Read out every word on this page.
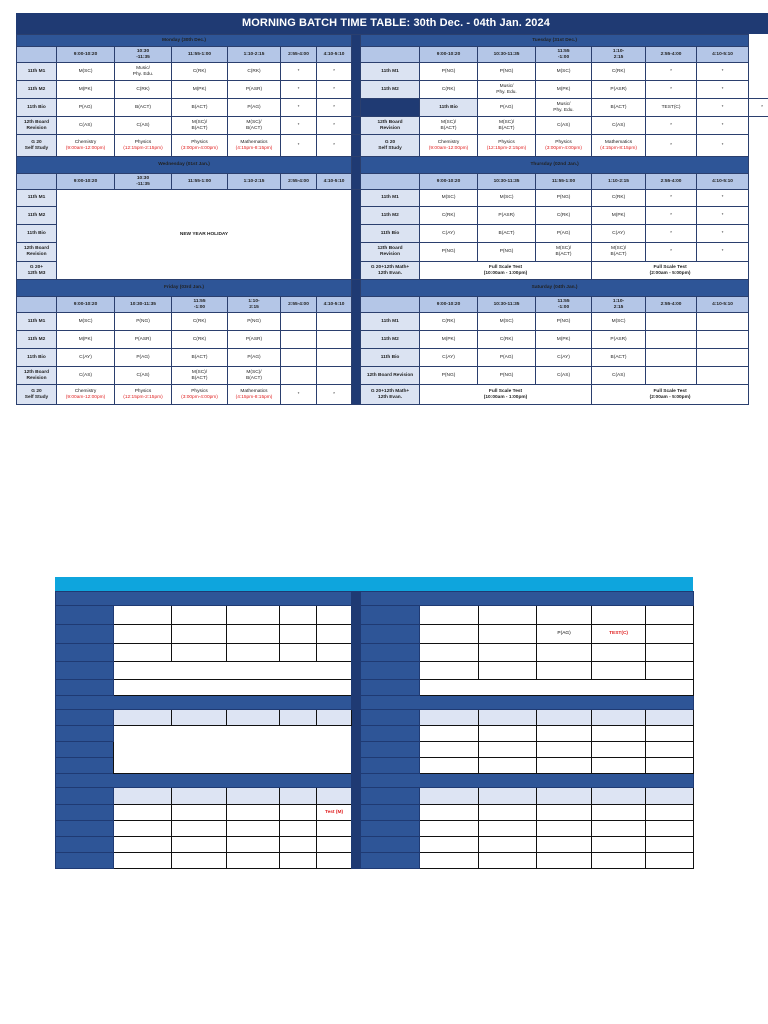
MORNING BATCH TIME TABLE: 30th Dec. - 04th Jan. 2024
Monday (30th Dec.)								Tuesday (31st Dec.)							
	9:00-10:20	10:30
-11:35	11:55-1:00	1:10-2:15	2:55-4:00	4:10-5:10			9:00-10:20	10:30-11:35	11:55
-1:00	1:10-
2:15	2:55-4:00	4:10-5:10	
11th M1	M(SC)	Music/
Phy. Edu.	C(RK)	C(RK)	*	*		11th M1	P(NG)	P(NG)	M(SC)	C(RK)	*	*	
11th M2	M(PK)	C(RK)	M(PK)	P(ASR)	*	*		11th M2	C(RK)	Music/
Phy. Edu.	M(PK)	P(ASR)	*	*	
11th Bio	P(AG)	B(ACT)	B(ACT)	P(AG)	*	*			11th Bio	P(AG)	Music/
Phy. Edu.	B(ACT)	TEST(C)	*	*
12th Board
Revision	C(AS)	C(AS)	M(SC)/
B(ACT)	M(SC)/
B(ACT)	*	*		12th Board
Revision	M(SC)/
B(ACT)	M(SC)/
B(ACT)	C(AS)	C(AS)	*	*	
G 20
Self Study	Chemistry
(9:00am-12:00pm)	Physics
(12:15pm-2:15pm)	Physics
(3:00pm-4:00pm)	Mathematics
(4:15pm-8:15pm)	*	*		G 20
Self Study	Chemistry
(9:00am-12:00pm)	Physics
(12:15pm-2:15pm)	Physics
(3:00pm-4:00pm)	Mathematics
(4:15pm-8:15pm)	*	*	
Wednesday (01st Jan.)								Thursday (02nd Jan.)							
	9:00-10:20	10:30
-11:35	11:55-1:00	1:10-2:15	2:55-4:00	4:10-5:10			9:00-10:20	10:30-11:35	11:55-1:00	1:10-2:15	2:55-4:00	4:10-5:10	
11th M1	NEW YEAR HOLIDAY							11th M1	M(SC)	M(SC)	P(NG)	C(RK)	*	*	
11th M2								11th M2	C(RK)	P(ASR)	C(RK)	M(PK)	*	*	
11th Bio								11th Bio	C(AY)	B(ACT)	P(AG)	C(AY)	*	*	
12th Board
Revision								12th Board
Revision	P(NG)	P(NG)	M(SC)/
B(ACT)	M(SC)/
B(ACT)	*	*	
G 20+
12th M3								G 20+12th Math+
12th Evan.	Full Scale Test
(10:00am - 1:00pm)			Full Scale Test
(2:00am - 5:00pm)			
Friday (03rd Jan.)								Saturday (04th Jan.)							
	9:00-10:20	10:30-11:35	11:55
-1:00	1:10-
2:15	2:55-4:00	4:10-5:10			9:00-10:20	10:30-11:35	11:55
-1:00	1:10-
2:15	2:55-4:00	4:10-5:10	
11th M1	M(SC)	P(NG)	C(RK)	P(NG)				11th M1	C(RK)	M(SC)	P(NG)	M(SC)			
11th M2	M(PK)	P(ASR)	C(RK)	P(ASR)				11th M2	M(PK)	C(RK)	M(PK)	P(ASR)			
11th Bio	C(AY)	P(AG)	B(ACT)	P(AG)				11th Bio	C(AY)	P(AG)	C(AY)	B(ACT)			
12th Board
Revision	C(AS)	C(AS)	M(SC)/
B(ACT)	M(SC)/
B(ACT)				12th Board Revision	P(NG)	P(NG)	C(AS)	C(AS)			
G 20
Self Study	Chemistry
(9:00am-12:00pm)	Physics
(12:15pm-2:15pm)	Physics
(3:00pm-4:00pm)	Mathematics
(4:15pm-8:15pm)	*	*		G 20+12th Math+
12th Evan.	Full Scale Test
(10:00am - 1:00pm)			Full Scale Test
(2:00am - 5:00pm)			

										P(AG)	TEST(C)	

					Test (M)							
